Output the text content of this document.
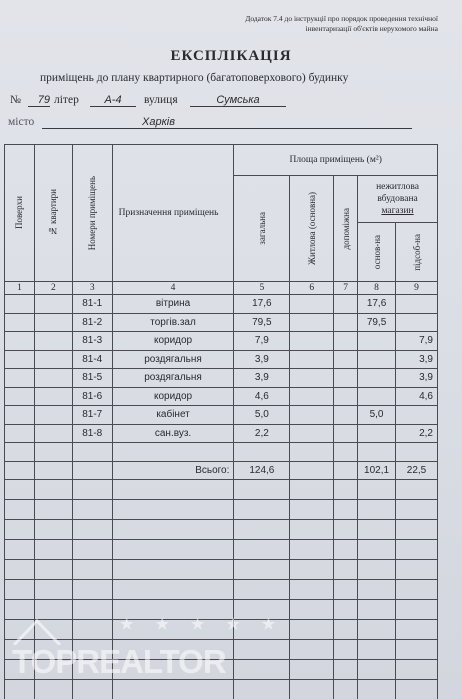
Додаток 7.4 до інструкції про порядок проведення технічної інвентаризації об'єктів нерухомого майна
ЕКСПЛІКАЦІЯ
приміщень до плану квартирного (багатоповерхового) будинку
№	79 літер	А-4	вулиця	Сумська
місто	Харків
Поверхи	№ квартири	Номери приміщень	Призначення приміщень	Площа приміщень (м²)				

				загальна	Житлова (основна)	допоміжна	нежитлова вбудована
магазин	

							основ-на	підсоб-на

1	2	3	4	5	6	7	8	9
		81-1	вітрина	17,6			17,6	
		81-2	торгів.зал	79,5			79,5	
		81-3	коридор	7,9				7,9
		81-4	роздягальня	3,9				3,9
		81-5	роздягальня	3,9				3,9
		81-6	коридор	4,6				4,6
		81-7	кабінет	5,0			5,0	
		81-8	сан.вуз.	2,2				2,2

			Всього:	124,6			102,1	22,5

★★★★★
TOPREALTOR
